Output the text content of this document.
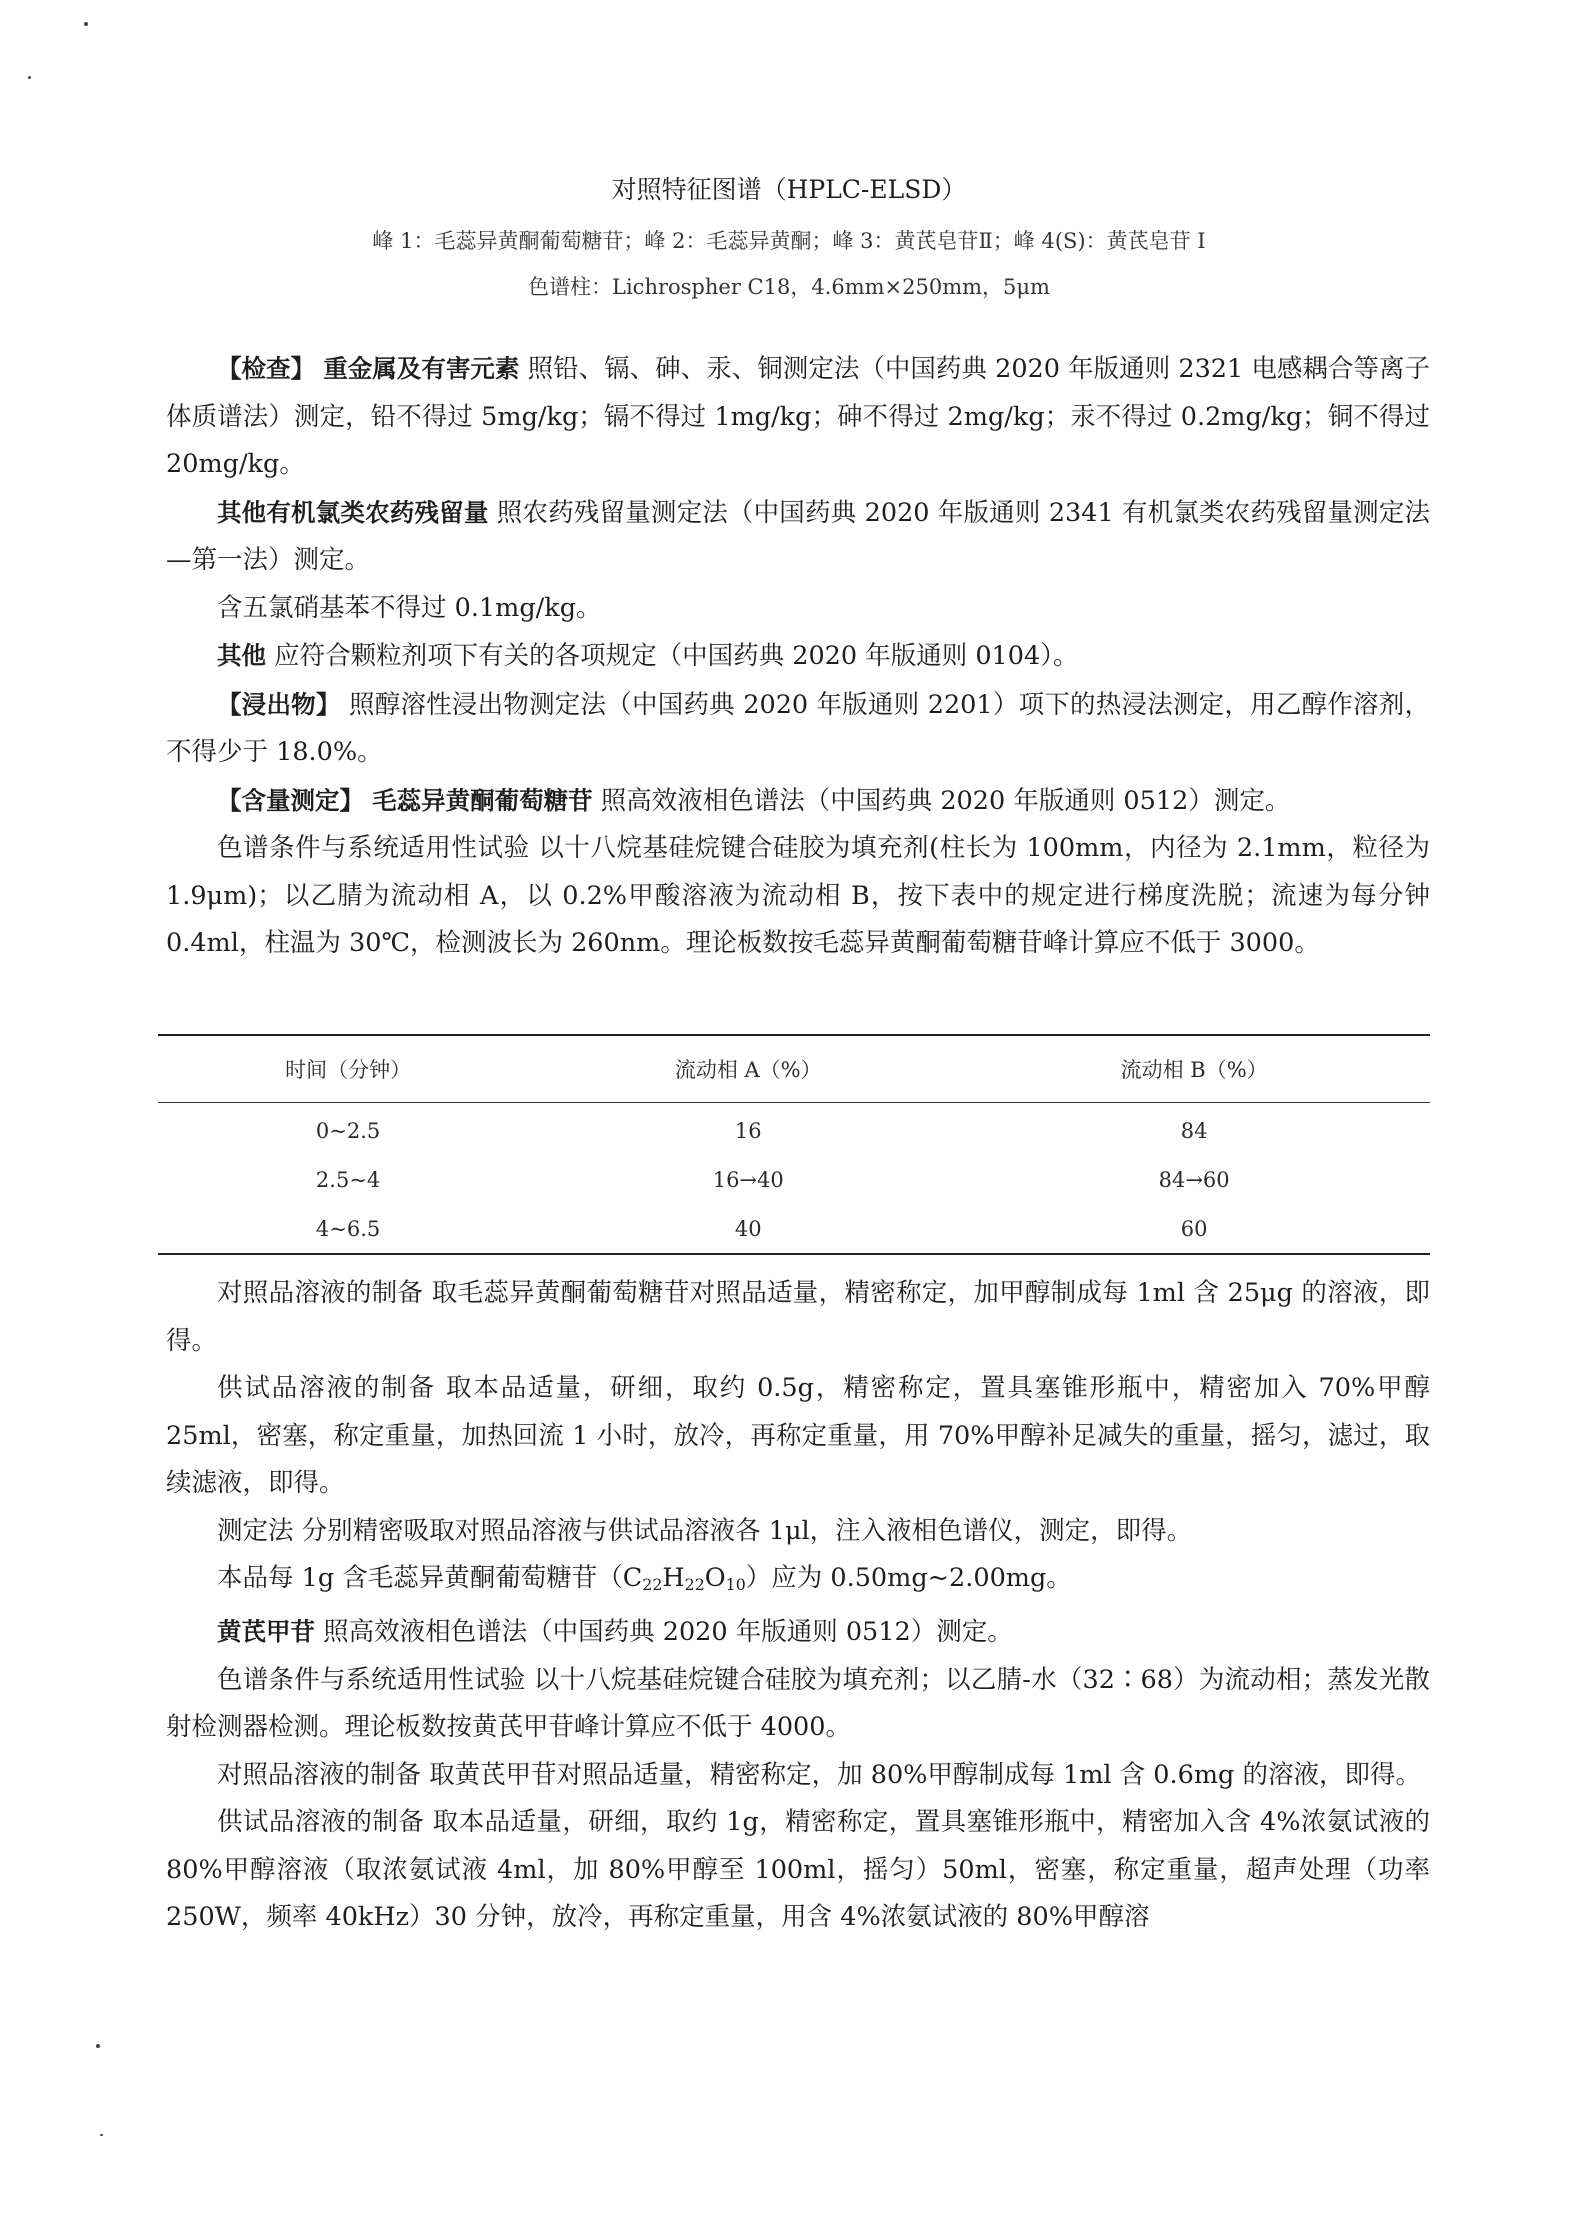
对照特征图谱（HPLC-ELSD）
峰 1：毛蕊异黄酮葡萄糖苷；峰 2：毛蕊异黄酮；峰 3：黄芪皂苷Ⅱ；峰 4(S)：黄芪皂苷 I
色谱柱：Lichrospher C18，4.6mm×250mm，5μm

【检查】 重金属及有害元素 照铅、镉、砷、汞、铜测定法（中国药典 2020 年版通则 2321 电感耦合等离子体质谱法）测定，铅不得过 5mg/kg；镉不得过 1mg/kg；砷不得过 2mg/kg；汞不得过 0.2mg/kg；铜不得过 20mg/kg。

其他有机氯类农药残留量 照农药残留量测定法（中国药典 2020 年版通则 2341 有机氯类农药残留量测定法—第一法）测定。

含五氯硝基苯不得过 0.1mg/kg。

其他 应符合颗粒剂项下有关的各项规定（中国药典 2020 年版通则 0104）。

【浸出物】 照醇溶性浸出物测定法（中国药典 2020 年版通则 2201）项下的热浸法测定，用乙醇作溶剂，不得少于 18.0%。

【含量测定】 毛蕊异黄酮葡萄糖苷 照高效液相色谱法（中国药典 2020 年版通则 0512）测定。

色谱条件与系统适用性试验 以十八烷基硅烷键合硅胶为填充剂(柱长为 100mm，内径为 2.1mm，粒径为 1.9μm)；以乙腈为流动相 A，以 0.2%甲酸溶液为流动相 B，按下表中的规定进行梯度洗脱；流速为每分钟 0.4ml，柱温为 30℃，检测波长为 260nm。理论板数按毛蕊异黄酮葡萄糖苷峰计算应不低于 3000。

时间（分钟）	流动相 A（%）	流动相 B（%）
0~2.5	16	84
2.5~4	16→40	84→60
4~6.5	40	60

对照品溶液的制备 取毛蕊异黄酮葡萄糖苷对照品适量，精密称定，加甲醇制成每 1ml 含 25μg 的溶液，即得。

供试品溶液的制备 取本品适量，研细，取约 0.5g，精密称定，置具塞锥形瓶中，精密加入 70%甲醇 25ml，密塞，称定重量，加热回流 1 小时，放冷，再称定重量，用 70%甲醇补足减失的重量，摇匀，滤过，取续滤液，即得。

测定法 分别精密吸取对照品溶液与供试品溶液各 1μl，注入液相色谱仪，测定，即得。

本品每 1g 含毛蕊异黄酮葡萄糖苷$(C_{22}H_{22}O_{10})$应为 0.50mg~2.00mg。

黄芪甲苷 照高效液相色谱法（中国药典 2020 年版通则 0512）测定。

色谱条件与系统适用性试验 以十八烷基硅烷键合硅胶为填充剂；以乙腈-水（32∶68）为流动相；蒸发光散射检测器检测。理论板数按黄芪甲苷峰计算应不低于 4000。

对照品溶液的制备 取黄芪甲苷对照品适量，精密称定，加 80%甲醇制成每 1ml 含 0.6mg 的溶液，即得。

供试品溶液的制备 取本品适量，研细，取约 1g，精密称定，置具塞锥形瓶中，精密加入含 4%浓氨试液的 80%甲醇溶液（取浓氨试液 4ml，加 80%甲醇至 100ml，摇匀）50ml，密塞，称定重量，超声处理（功率 250W，频率 40kHz）30 分钟，放冷，再称定重量，用含 4%浓氨试液的 80%甲醇溶
